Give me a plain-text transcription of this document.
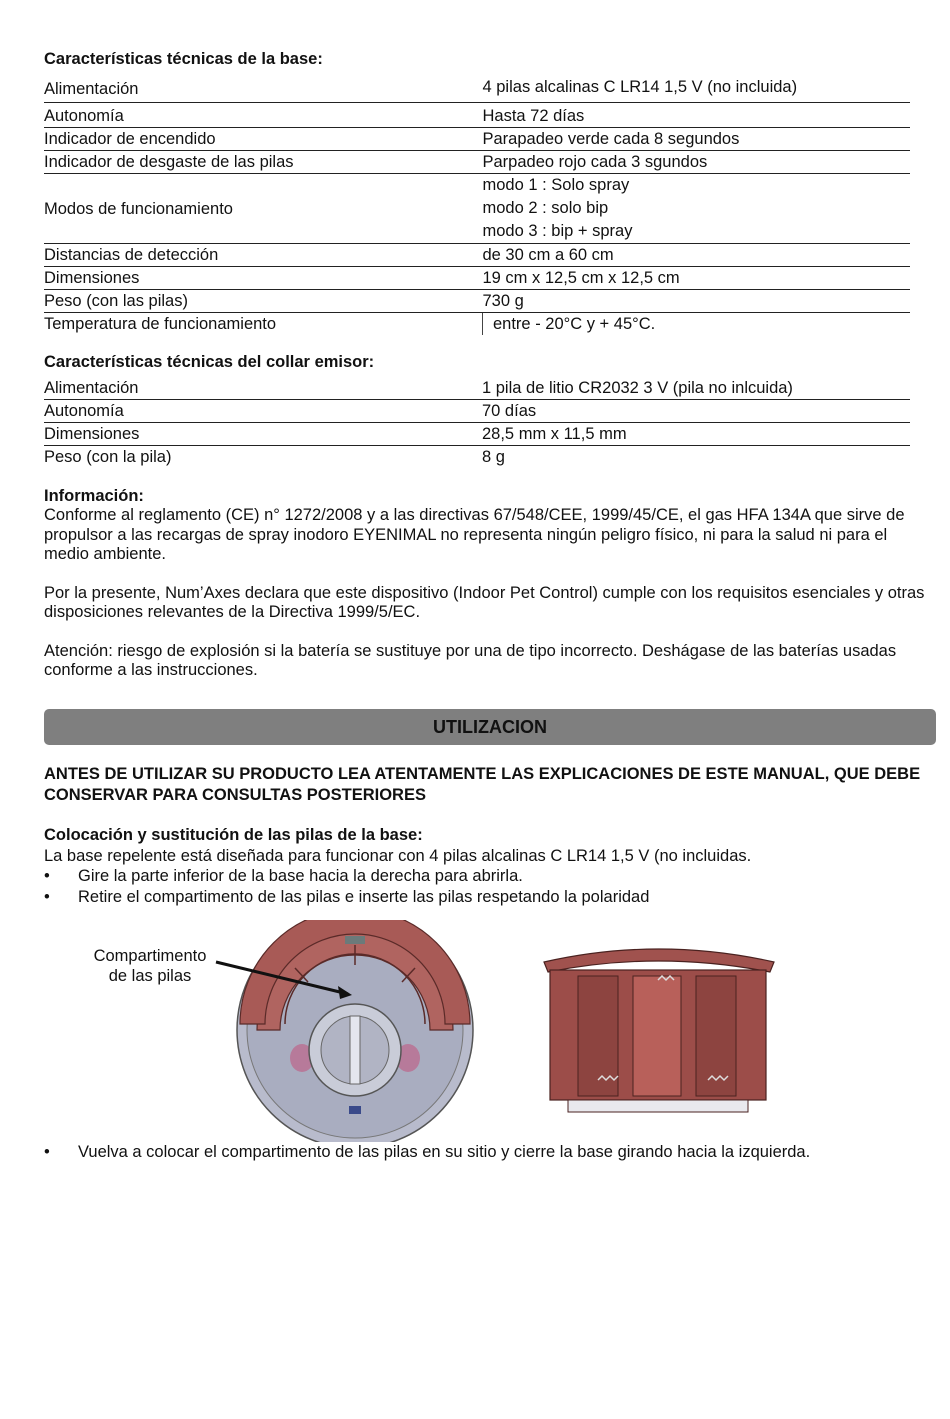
Características técnicas de la base:
Alimentación	4 pilas alcalinas C LR14 1,5 V (no incluida)
Autonomía	Hasta 72 días
Indicador de encendido	Parapadeo verde cada 8 segundos
Indicador de desgaste de las pilas	Parpadeo rojo cada 3 sgundos
Modos de funcionamiento	modo 1 : Solo spray
modo 2 : solo bip
modo 3 : bip + spray

Distancias de detección	de 30 cm a 60 cm
Dimensiones	19 cm x 12,5 cm x 12,5 cm
Peso (con las pilas)	730 g
Temperatura de funcionamiento	entre - 20°C y + 45°C.
Características técnicas del collar emisor:
Alimentación	1 pila de litio CR2032 3 V (pila no inlcuida)
Autonomía	70 días
Dimensiones	28,5 mm x 11,5 mm
Peso (con la pila)	8 g
Información:

Conforme al reglamento (CE) n° 1272/2008 y a las directivas 67/548/CEE, 1999/45/CE, el gas HFA 134A que sirve de propulsor a las recargas de spray inodoro EYENIMAL no representa ningún peligro físico, ni para la salud ni para el medio ambiente.

Por la presente, Num’Axes declara que este dispositivo (Indoor Pet Control) cumple con los requisitos esenciales y otras disposiciones relevantes de la Directiva 1999/5/EC.

Atención: riesgo de explosión si la batería se sustituye por una de tipo incorrecto. Deshágase de las baterías usadas conforme a las instrucciones.

UTILIZACION
ANTES DE UTILIZAR SU PRODUCTO LEA ATENTAMENTE LAS EXPLICACIONES DE ESTE MANUAL, QUE DEBE CONSERVAR PARA CONSULTAS POSTERIORES
Colocación y sustitución de las pilas de la base:
La base repelente está diseñada para funcionar con 4 pilas alcalinas C LR14 1,5 V (no incluidas.
• Gire la parte inferior de la base hacia la derecha para abrirla.
• Retire el compartimento de las pilas e inserte las pilas respetando la polaridad
Compartimento
de las pilas
• Vuelva a colocar el compartimento de las pilas en su sitio y cierre la base girando hacia la izquierda.
